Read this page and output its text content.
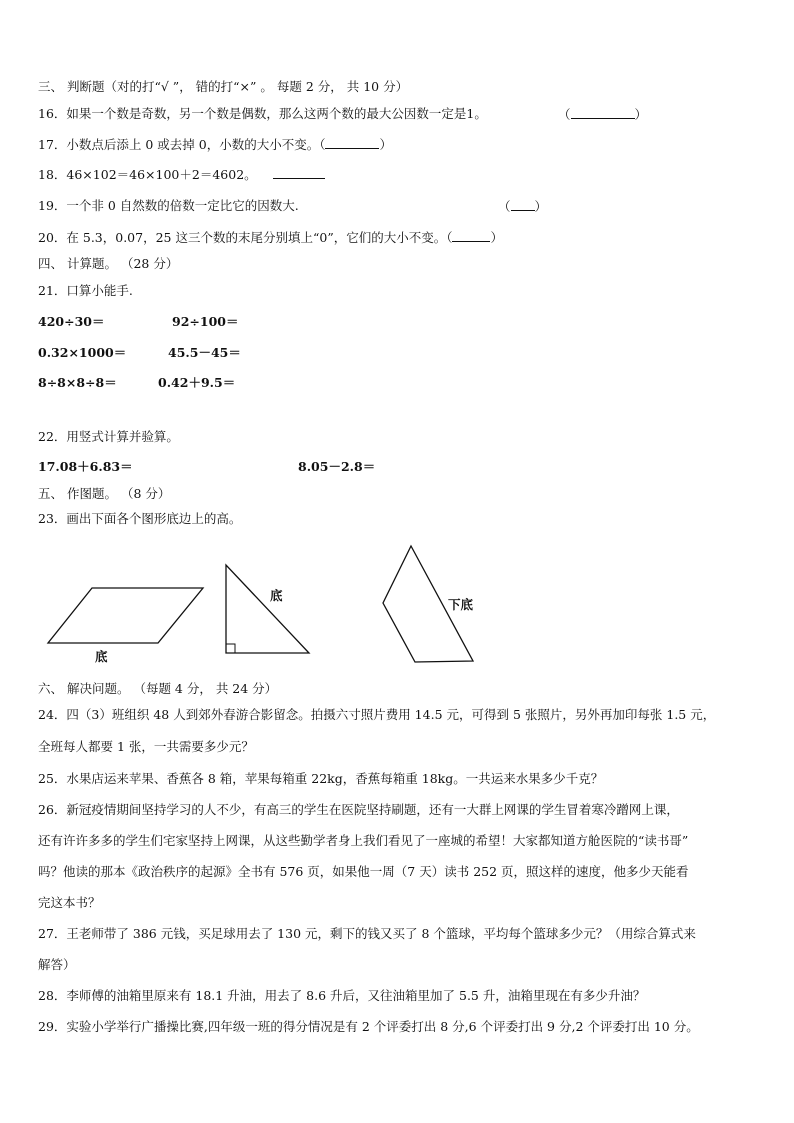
三、 判断题（对的打“√ ”， 错的打“×” 。 每题 2 分， 共 10 分）
16．如果一个数是奇数，另一个数是偶数，那么这两个数的最大公因数一定是1。	（	）
17．小数点后添上 0 或去掉 0，小数的大小不变。（	）
18．46×102＝46×100＋2＝4602。
19．一个非 0 自然数的倍数一定比它的因数大.	（ ）
20．在 5.3，0.07，25 这三个数的末尾分别填上“0”，它们的大小不变。（	）
四、 计算题。 （28 分）
21．口算小能手.
420÷30＝	92÷100＝
0.32×1000＝	45.5－45＝
8÷8×8÷8＝	0.42＋9.5＝
22．用竖式计算并验算。
17.08＋6.83＝	8.05－2.8＝
五、 作图题。 （8 分）
23．画出下面各个图形底边上的高。
底
底
下底
六、 解决问题。 （每题 4 分， 共 24 分）
24．四（3）班组织 48 人到郊外春游合影留念。拍摄六寸照片费用 14.5 元，可得到 5 张照片，另外再加印每张 1.5 元，
全班每人都要 1 张，一共需要多少元？
25．水果店运来苹果、香蕉各 8 箱，苹果每箱重 22kg，香蕉每箱重 18kg。一共运来水果多少千克？
26．新冠疫情期间坚持学习的人不少，有高三的学生在医院坚持刷题，还有一大群上网课的学生冒着寒冷蹭网上课，
还有许许多多的学生们宅家坚持上网课，从这些勤学者身上我们看见了一座城的希望！大家都知道方舱医院的“读书哥”
吗？他读的那本《政治秩序的起源》全书有 576 页，如果他一周（7 天）读书 252 页，照这样的速度，他多少天能看
完这本书？
27．王老师带了 386 元钱，买足球用去了 130 元，剩下的钱又买了 8 个篮球，平均每个篮球多少元？（用综合算式来
解答）
28．李师傅的油箱里原来有 18.1 升油，用去了 8.6 升后，又往油箱里加了 5.5 升，油箱里现在有多少升油？
29．实验小学举行广播操比赛,四年级一班的得分情况是有 2 个评委打出 8 分,6 个评委打出 9 分,2 个评委打出 10 分。
